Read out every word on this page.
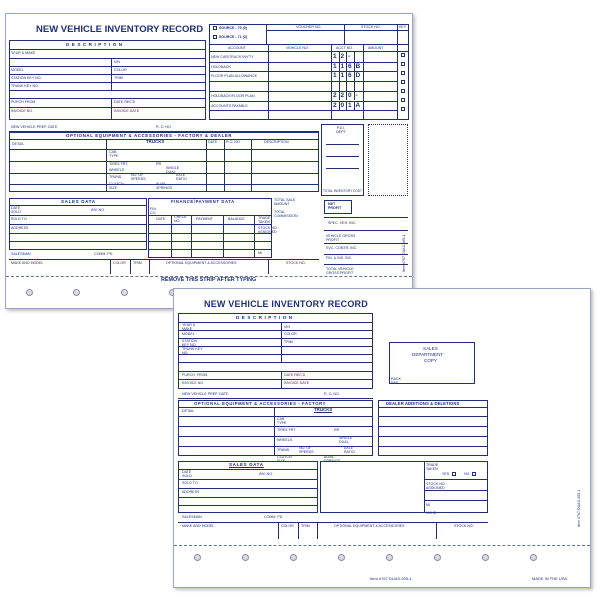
NEW VEHICLE INVENTORY RECORD
D E S C R I P T I O N
YEAR & MAKE
VIN
MODEL	COLOR
STATION KEY NO.	TRIM
TRUNK KEY NO.
PURCH FROM	DATE REC'D
INVOICE NO.	INVOICE DATE
SOURCE - 70 (0)
SOURCE - 71 (0)
VOUCHER NO.	STOCK NO.	KEY
ACCOUNT	VEHICLE NO.	ACCT NO.	AMOUNT
NEW CAR/TRUCK INV'TY	1 2 -
HOLDBACK	1 1 6 B
FLOOR PLAN ALLOWANCE	1 1 6 D
HOLDBACK/FLOOR PLAN	2 2 0 -
ACCOUNTS PAYABLE	2 0 1 A
NEW VEHICLE PREP. DATE	R. O. NO.
OPTIONAL EQUIPMENT & ACCESSORIES - FACTORY & DEALER
DETAIL	TRUCKS	DATE R.O. NO.	DESCRIPTION
CAB TYPE
TIRES FRT.	RR
WHEELS	SINGLE DUAL
TRANS. NO. OF SPEEDS
AXLE RATIO
CLUTCH SIZE
AUXIL. SPRINGS
P.D.I. DEPT
TOTAL INVENTORY COST
SALES DATA
DATE SOLD	INV. NO.
SOLD TO
ADDRESS
SALESMAN	COMM. PD.
FINANCE/PAYMENT DATA
FIN. CO.
DATE CHECK NO.	PAYMENT	BALANCE
TOTAL SALE AMOUNT
TOTAL COMMISSION
TRADE TAKEN
STOCK NO. ASSIGNED
MI
NET PROFIT
SPEC. VEH. INC.
VEHICLE GROSS PROFIT
SVC. CONTR. INC.
FIN. & INS. INC.
TOTAL VEHICLE GROSS PROFIT
MAKE AND MODEL	COLOR TRIM	OPTIONAL EQUIPMENT & ACCESSORIES	STOCK NO.
REMOVE THIS STRIP AFTER TYPING
Item #767 DUAS-305-1
NEW VEHICLE INVENTORY RECORD
D E S C R I P T I O N
YEAR & MAKE	VIN
MODEL	COLOR
STATION KEY NO.
TRIM
TRUNK KEY NO.
PURCH. FROM	DATE REC'D
INVOICE NO.	INVOICE DATE
SALES
DEPARTMENT
COPY
RACK REF.
NEW VEHICLE PREP. DATE	R. O. NO.
OPTIONAL EQUIPMENT & ACCESSORIES - FACTORY
DETAIL	TRUCKS
CAB TYPE
TIRES FRT.	RR
WHEELS	SINGLE DUAL
TRANS. NO. OF SPEEDS
AXLE RATIO
CLUTCH SIZE
AUXIL. SPRINGS
DEALER ADDITIONS & DELETIONS
SALES DATA
DATE SOLD	INV. NO.
SOLD TO
ADDRESS
SALESMAN	COMM. PD.
TRADE TAKEN
YES	NO
STOCK NO. ASSIGNED
MI
MI/HD
MAKE AND MODEL	COLOR TRIM	OPTIONAL EQUIPMENT & ACCESSORIES	STOCK NO.
Item #767 DUAS-305-1	MADE IN THE USA
Item #767 DUAS-305-1
